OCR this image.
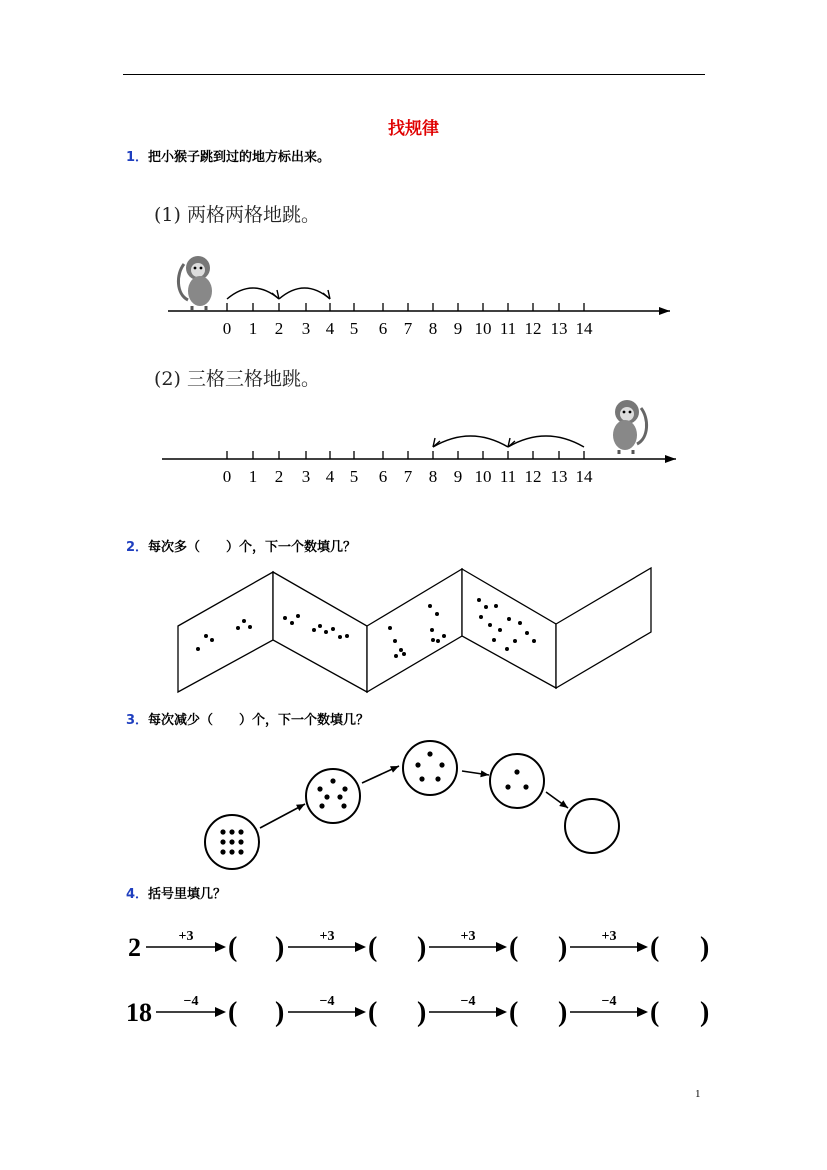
找规律
1．把小猴子跳到过的地方标出来。
(1) 两格两格地跳。
(2) 三格三格地跳。
0 1 2 3 4 5 6 7 8 9 10 11 12 13 14
0 1 2 3 4 5 6 7 8 9 10 11 12 13 14
2．每次多（　　）个，下一个数填几？
3．每次减少（　　）个，下一个数填几？
4．括号里填几？
2	+3 ( )	+3 ( ) +3 ( ) +3 ( )
18 −4 ( )	−4 ( ) −4 ( ) −4 ( )
1
